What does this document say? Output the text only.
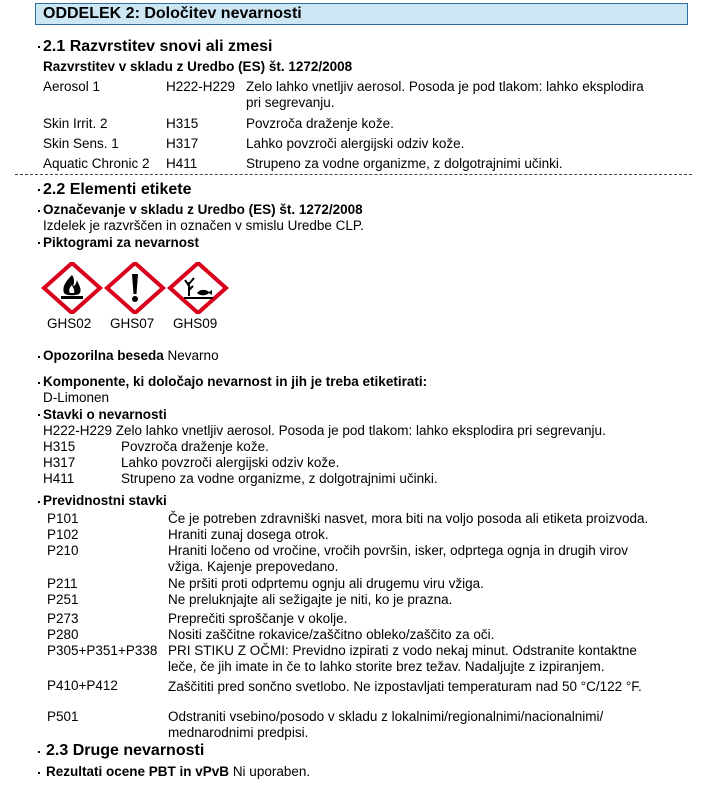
ODDELEK 2: Določitev nevarnosti
2.1 Razvrstitev snovi ali zmesi
Razvrstitev v skladu z Uredbo (ES) št. 1272/2008
Aerosol 1	H222-H229 Zelo lahko vnetljiv aerosol. Posoda je pod tlakom: lahko eksplodira
pri segrevanju.
Skin Irrit. 2	H315	Povzroča draženje kože.
Skin Sens. 1	H317	Lahko povzroči alergijski odziv kože.
Aquatic Chronic 2 H411	Strupeno za vodne organizme, z dolgotrajnimi učinki.
2.2 Elementi etikete
Označevanje v skladu z Uredbo (ES) št. 1272/2008
Izdelek je razvrščen in označen v smislu Uredbe CLP.
Piktogrami za nevarnost
GHS02 GHS07 GHS09
Opozorilna beseda Nevarno
Komponente, ki določajo nevarnost in jih je treba etiketirati:
D-Limonen
Stavki o nevarnosti
H222-H229 Zelo lahko vnetljiv aerosol. Posoda je pod tlakom: lahko eksplodira pri segrevanju.
H315	Povzroča draženje kože.
H317	Lahko povzroči alergijski odziv kože.
H411	Strupeno za vodne organizme, z dolgotrajnimi učinki.
Previdnostni stavki
P101	Če je potreben zdravniški nasvet, mora biti na voljo posoda ali etiketa proizvoda.
P102	Hraniti zunaj dosega otrok.
P210	Hraniti ločeno od vročine, vročih površin, isker, odprtega ognja in drugih virov
vžiga. Kajenje prepovedano.
P211	Ne pršiti proti odprtemu ognju ali drugemu viru vžiga.
P251	Ne preluknjajte ali sežigajte je niti, ko je prazna.
P273	Preprečiti sproščanje v okolje.
P280	Nositi zaščitne rokavice/zaščitno obleko/zaščito za oči.
P305+P351+P338 PRI STIKU Z OČMI: Previdno izpirati z vodo nekaj minut. Odstranite kontaktne
leče, če jih imate in če to lahko storite brez težav. Nadaljujte z izpiranjem.
P410+P412	Zaščititi pred sončno svetlobo. Ne izpostavljati temperaturam nad 50 °C/122 °F.
P501	Odstraniti vsebino/posodo v skladu z lokalnimi/regionalnimi/nacionalnimi/
mednarodnimi predpisi.
2.3 Druge nevarnosti
Rezultati ocene PBT in vPvB Ni uporaben.
